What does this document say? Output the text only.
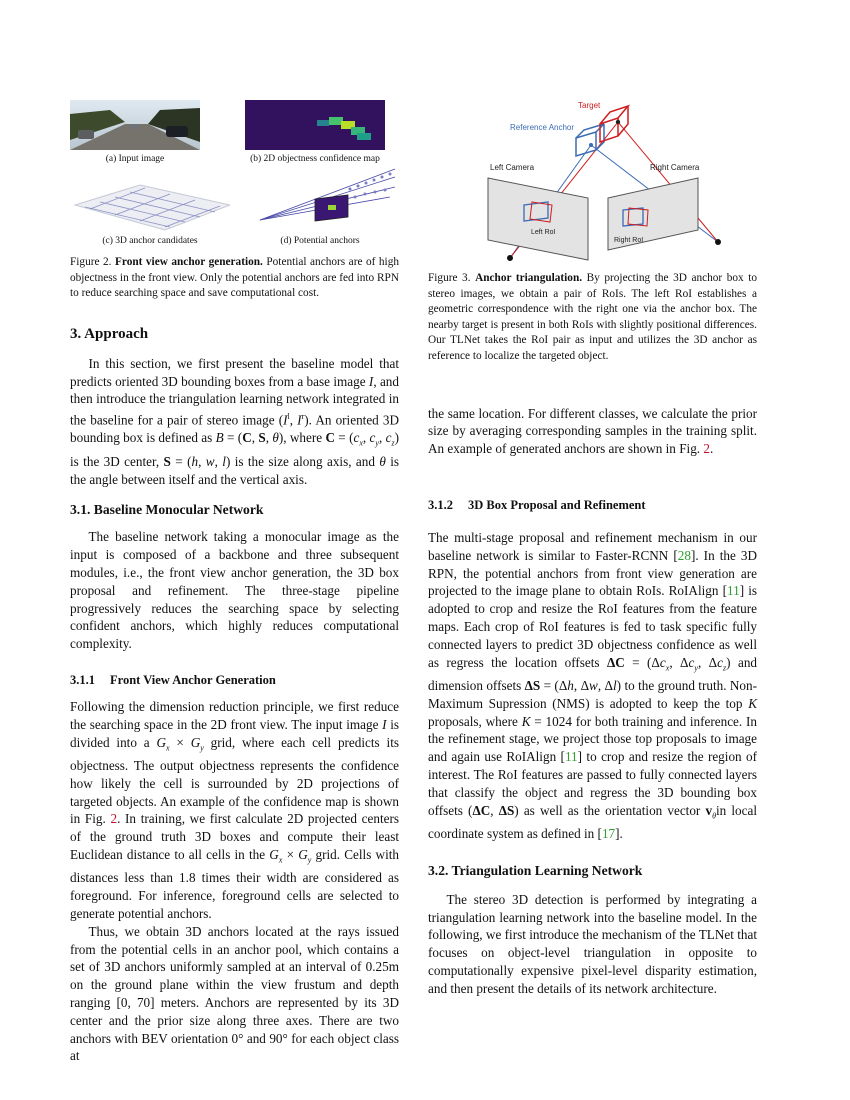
(a) Input image	(b) 2D objectness confidence map
(c) 3D anchor candidates	(d) Potential anchors

Figure 2. Front view anchor generation. Potential anchors are of high objectness in the front view. Only the potential anchors are fed into RPN to reduce searching space and save computational cost.

3. Approach

In this section, we first present the baseline model that predicts oriented 3D bounding boxes from a base image I, and then introduce the triangulation learning network integrated in the baseline for a pair of stereo image ($I^l$, $I^r$). An oriented 3D bounding box is defined as B = (C, S, θ), where $C = (c_x$, $c_y$, $c_z$) is the 3D center, S = (h, w, l) is the size along axis, and θ is the angle between itself and the vertical axis.

3.1. Baseline Monocular Network

The baseline network taking a monocular image as the input is composed of a backbone and three subsequent modules, i.e., the front view anchor generation, the 3D box proposal and refinement. The three-stage pipeline progressively reduces the searching space by selecting confident anchors, which highly reduces computational complexity.

3.1.1 Front View Anchor Generation

Following the dimension reduction principle, we first reduce the searching space in the 2D front view. The input image I is divided into a $G_x \times G_y$ grid, where each cell predicts its objectness. The output objectness represents the confidence how likely the cell is surrounded by 2D projections of targeted objects. An example of the confidence map is shown in Fig. 2. In training, we first calculate 2D projected centers of the ground truth 3D boxes and compute their least Euclidean distance to all cells in the $G_x \times G_y$ grid. Cells with distances less than 1.8 times their width are considered as foreground. For inference, foreground cells are selected to generate potential anchors.

Thus, we obtain 3D anchors located at the rays issued from the potential cells in an anchor pool, which contains a set of 3D anchors uniformly sampled at an interval of 0.25m on the ground plane within the view frustum and depth ranging [0, 70] meters. Anchors are represented by its 3D center and the prior size along three axes. There are two anchors with BEV orientation 0° and 90° for each object class at

Left RoI
Left Camera
Right RoI
Right Camera
Target
Reference Anchor

Figure 3. Anchor triangulation. By projecting the 3D anchor box to stereo images, we obtain a pair of RoIs. The left RoI establishes a geometric correspondence with the right one via the anchor box. The nearby target is present in both RoIs with slightly positional differences. Our TLNet takes the RoI pair as input and utilizes the 3D anchor as reference to localize the targeted object.

the same location. For different classes, we calculate the prior size by averaging corresponding samples in the training split. An example of generated anchors are shown in Fig. 2.

3.1.2 3D Box Proposal and Refinement

The multi-stage proposal and refinement mechanism in our baseline network is similar to Faster-RCNN [28]. In the 3D RPN, the potential anchors from front view generation are projected to the image plane to obtain RoIs. RoIAlign [11] is adopted to crop and resize the RoI features from the feature maps. Each crop of RoI features is fed to task specific fully connected layers to predict 3D objectness confidence as well as regress the location offsets $\Delta C = (\Delta c_x$, $\Delta c_y$, $\Delta c_z$) and dimension offsets ΔS = (Δh, Δw, Δl) to the ground truth. Non-Maximum Supression (NMS) is adopted to keep the top K proposals, where K = 1024 for both training and inference. In the refinement stage, we project those top proposals to image and again use RoIAlign [11] to crop and resize the region of interest. The RoI features are passed to fully connected layers that classify the object and regress the 3D bounding box offsets (ΔC, ΔS) as well as the orientation vector $v_\theta in$ local coordinate system as defined in [17].

3.2. Triangulation Learning Network

The stereo 3D detection is performed by integrating a triangulation learning network into the baseline model. In the following, we first introduce the mechanism of the TLNet that focuses on object-level triangulation in opposite to computationally expensive pixel-level disparity estimation, and then present the details of its network architecture.
